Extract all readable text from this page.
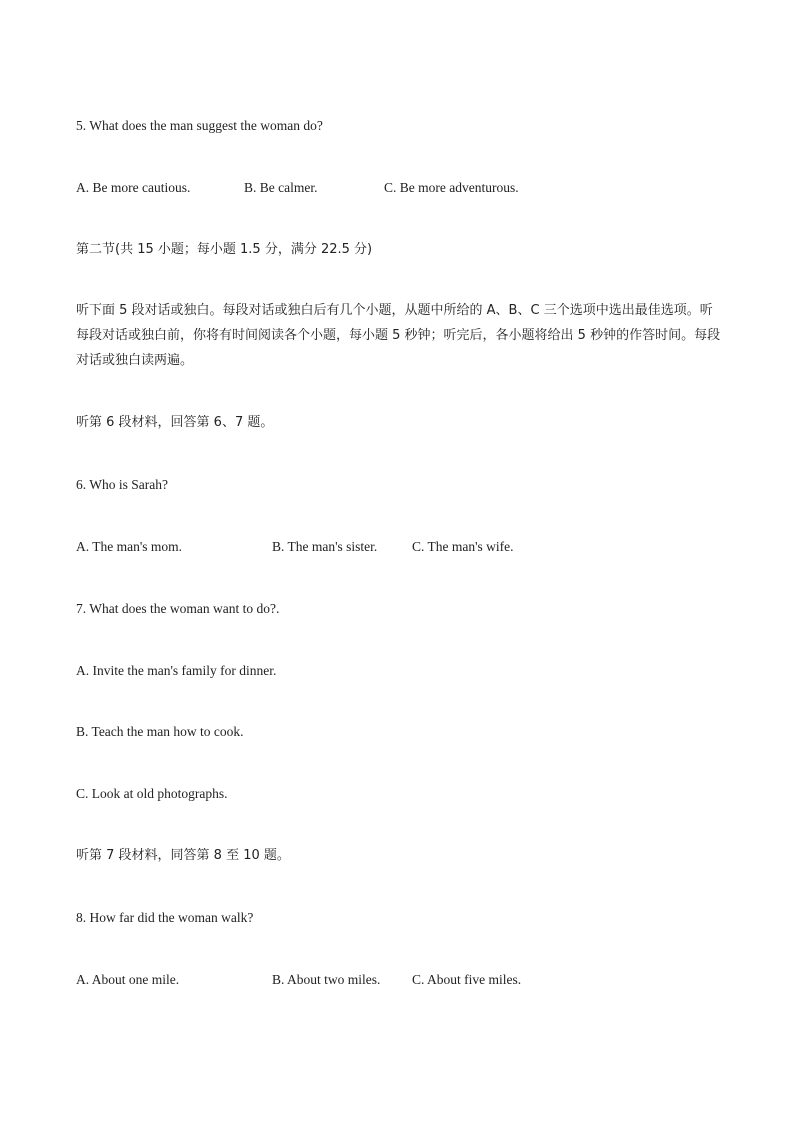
5. What does the man suggest the woman do?
A. Be more cautious.	B. Be calmer.	C. Be more adventurous.
第二节(共 15 小题；每小题 1.5 分，满分 22.5 分)
听下面 5 段对话或独白。每段对话或独白后有几个小题，从题中所给的 A、B、C 三个选项中选出最佳选项。听每段对话或独白前，你将有时间阅读各个小题，每小题 5 秒钟；听完后，各小题将给出 5 秒钟的作答时间。每段对话或独白读两遍。
听第 6 段材料，回答第 6、7 题。
6. Who is Sarah?
A. The man's mom.	B. The man's sister.	C. The man's wife.
7. What does the woman want to do?.
A. Invite the man's family for dinner.
B. Teach the man how to cook.
C. Look at old photographs.
听第 7 段材料，同答第 8 至 10 题。
8. How far did the woman walk?
A. About one mile.	B. About two miles. C. About five miles.
